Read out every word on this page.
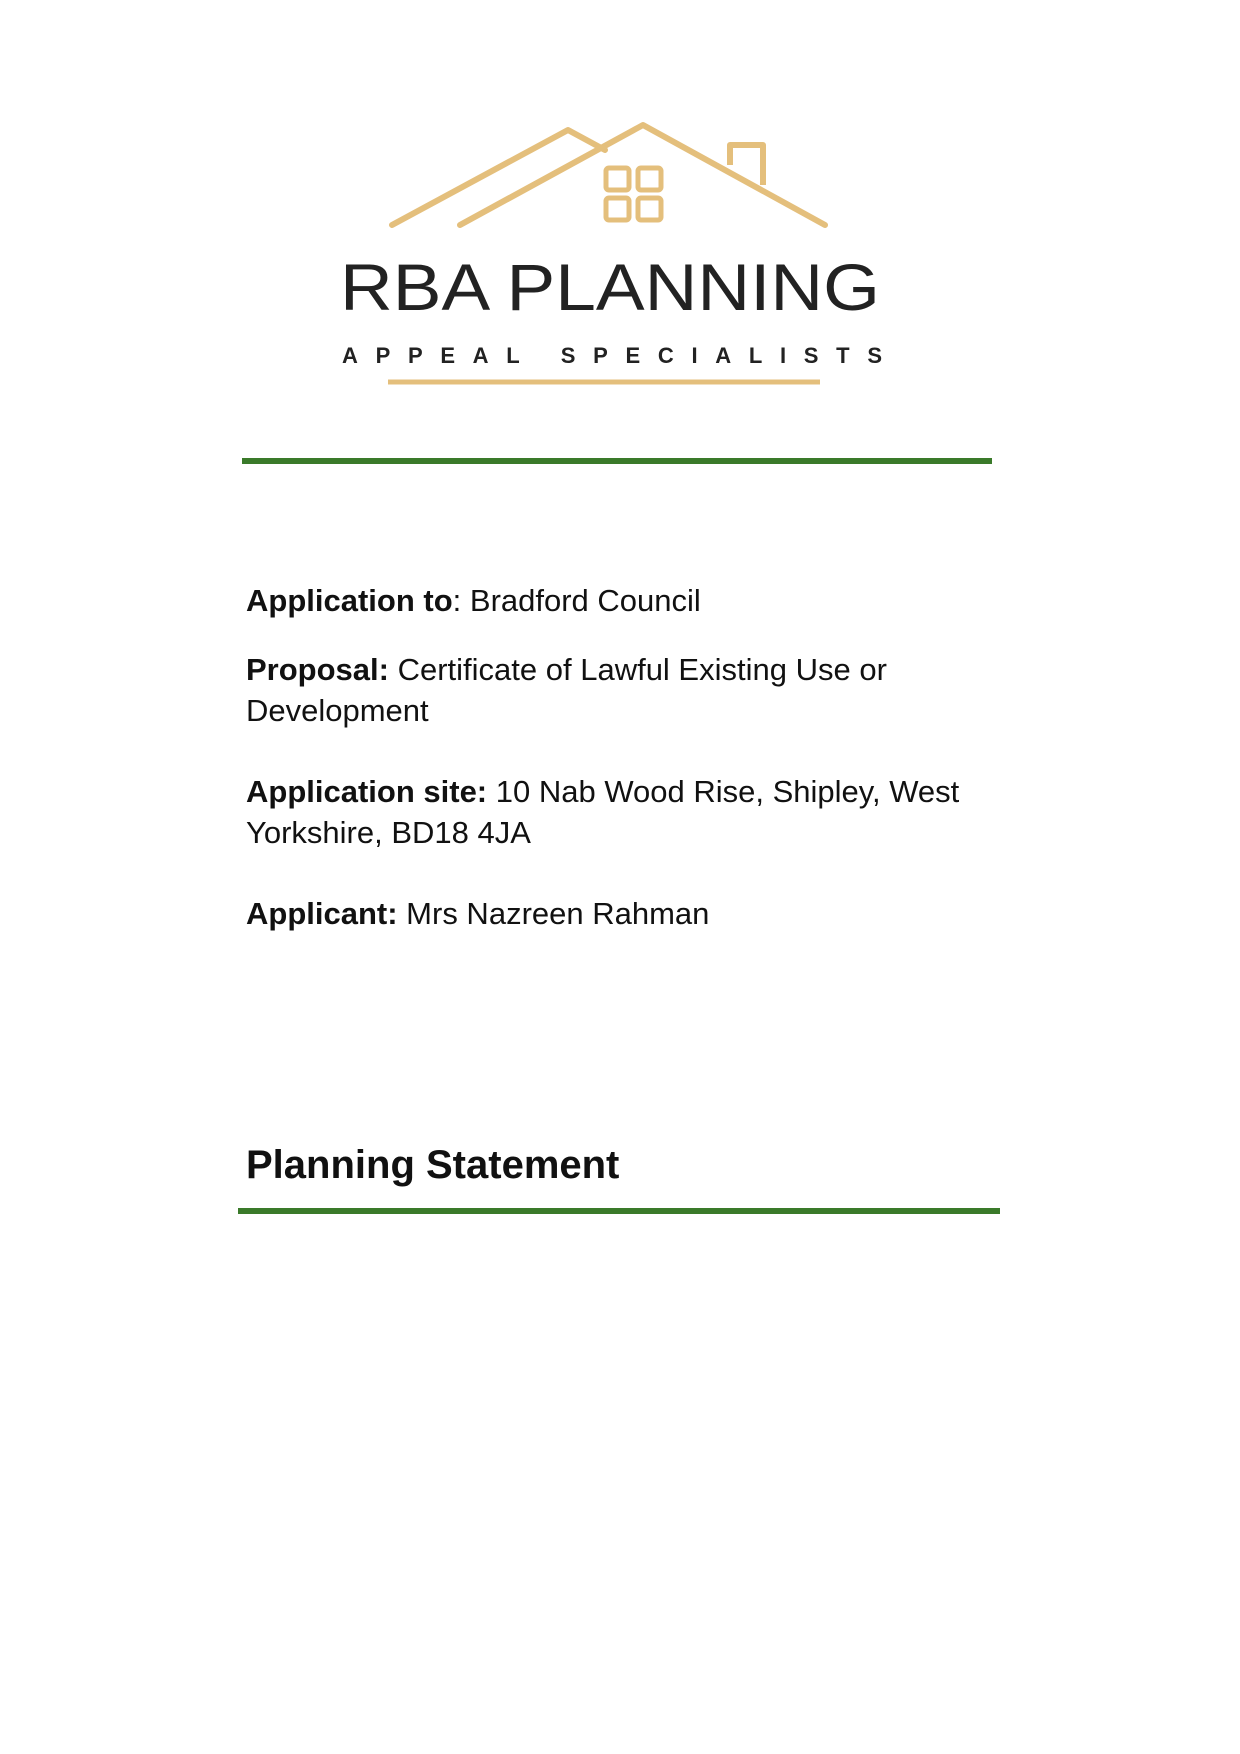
RBA PLANNING
APPEAL SPECIALISTS
Application to: Bradford Council
Proposal: Certificate of Lawful Existing Use or Development
Application site: 10 Nab Wood Rise, Shipley, West Yorkshire, BD18 4JA
Applicant: Mrs Nazreen Rahman
Planning Statement
